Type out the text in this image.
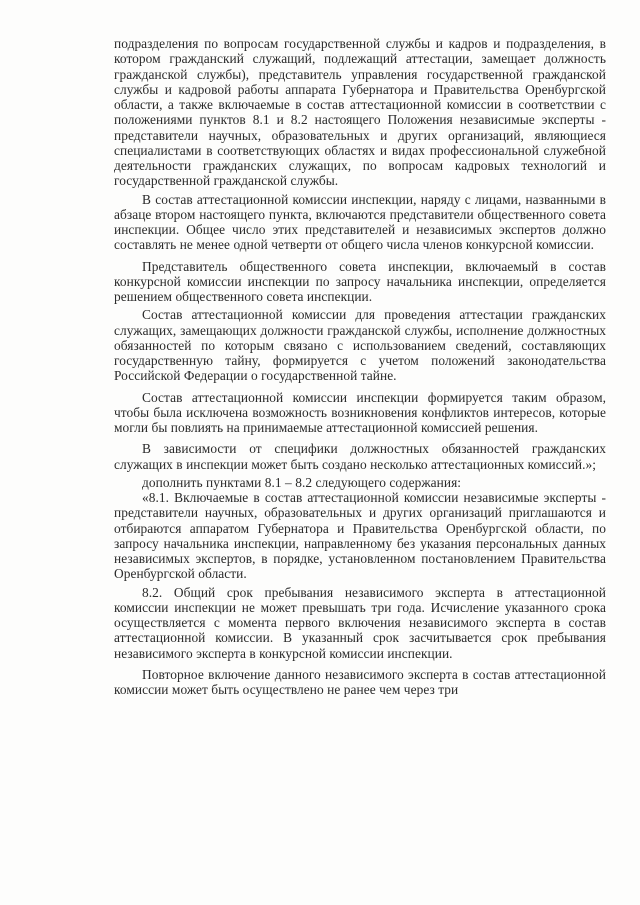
подразделения по вопросам государственной службы и кадров и подразделения, в котором гражданский служащий, подлежащий аттестации, замещает должность гражданской службы), представитель управления государственной гражданской службы и кадровой работы аппарата Губернатора и Правительства Оренбургской области, а также включаемые в состав аттестационной комиссии в соответствии с положениями пунктов 8.1 и 8.2 настоящего Положения независимые эксперты - представители научных, образовательных и других организаций, являющиеся специалистами в соответствующих областях и видах профессиональной служебной деятельности гражданских служащих, по вопросам кадровых технологий и государственной гражданской службы.

В состав аттестационной комиссии инспекции, наряду с лицами, названными в абзаце втором настоящего пункта, включаются представители общественного совета инспекции. Общее число этих представителей и независимых экспертов должно составлять не менее одной четверти от общего числа членов конкурсной комиссии.

Представитель общественного совета инспекции, включаемый в состав конкурсной комиссии инспекции по запросу начальника инспекции, определяется решением общественного совета инспекции.

Состав аттестационной комиссии для проведения аттестации гражданских служащих, замещающих должности гражданской службы, исполнение должностных обязанностей по которым связано с использованием сведений, составляющих государственную тайну, формируется с учетом положений законодательства Российской Федерации о государственной тайне.

Состав аттестационной комиссии инспекции формируется таким образом, чтобы была исключена возможность возникновения конфликтов интересов, которые могли бы повлиять на принимаемые аттестационной комиссией решения.

В зависимости от специфики должностных обязанностей гражданских служащих в инспекции может быть создано несколько аттестационных комиссий.»;

дополнить пунктами 8.1 – 8.2 следующего содержания:

«8.1. Включаемые в состав аттестационной комиссии независимые эксперты - представители научных, образовательных и других организаций приглашаются и отбираются аппаратом Губернатора и Правительства Оренбургской области, по запросу начальника инспекции, направленному без указания персональных данных независимых экспертов, в порядке, установленном постановлением Правительства Оренбургской области.

8.2. Общий срок пребывания независимого эксперта в аттестационной комиссии инспекции не может превышать три года. Исчисление указанного срока осуществляется с момента первого включения независимого эксперта в состав аттестационной комиссии. В указанный срок засчитывается срок пребывания независимого эксперта в конкурсной комиссии инспекции.

Повторное включение данного независимого эксперта в состав аттестационной комиссии может быть осуществлено не ранее чем через три
